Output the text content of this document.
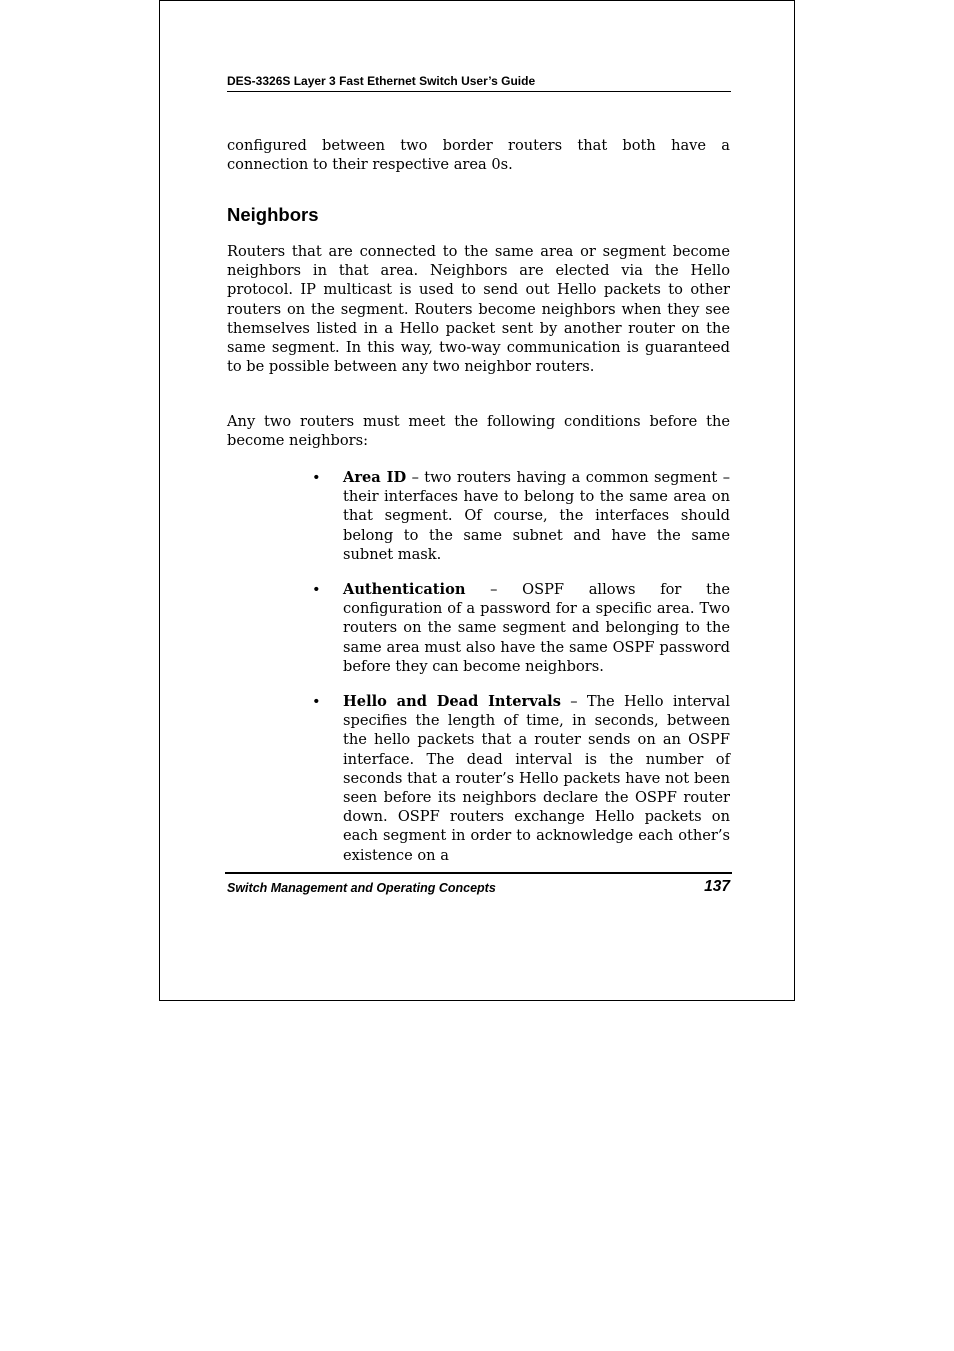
DES-3326S Layer 3 Fast Ethernet Switch User’s Guide

configured between two border routers that both have a connection to their respective area 0s.

Neighbors

Routers that are connected to the same area or segment become neighbors in that area. Neighbors are elected via the Hello protocol. IP multicast is used to send out Hello packets to other routers on the segment. Routers become neighbors when they see themselves listed in a Hello packet sent by another router on the same segment. In this way, two-way communication is guaranteed to be possible between any two neighbor routers.

Any two routers must meet the following conditions before the become neighbors:

• Area ID – two routers having a common segment – their interfaces have to belong to the same area on that segment. Of course, the interfaces should belong to the same subnet and have the same subnet mask.
• Authentication – OSPF allows for the configuration of a password for a specific area. Two routers on the same segment and belonging to the same area must also have the same OSPF password before they can become neighbors.
• Hello and Dead Intervals – The Hello interval specifies the length of time, in seconds, between the hello packets that a router sends on an OSPF interface. The dead interval is the number of seconds that a router’s Hello packets have not been seen before its neighbors declare the OSPF router down. OSPF routers exchange Hello packets on each segment in order to acknowledge each other’s existence on a
Switch Management and Operating Concepts	137
